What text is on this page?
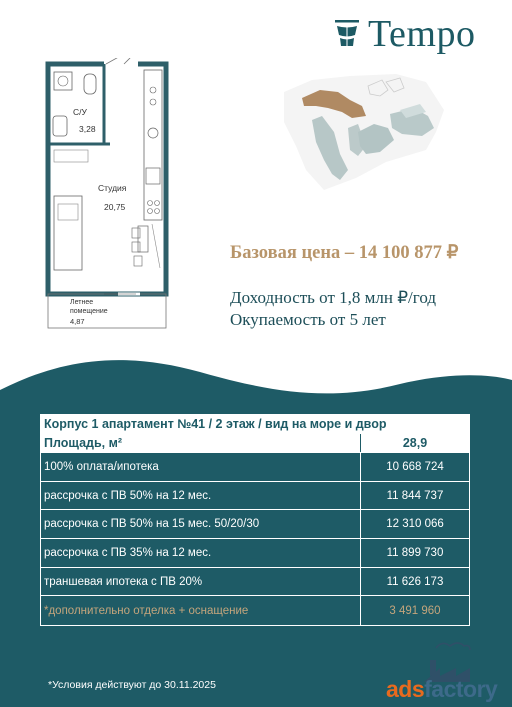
Tempo
С/У
3,28
Студия
20,75
Летнее помещение
4,87
Базовая цена – 14 100 877 ₽
Доходность от 1,8 млн ₽/год
Окупаемость от 5 лет
Корпус 1 апартамент №41 / 2 этаж / вид на море и двор
Площадь, м²	28,9
100% оплата/ипотека	10 668 724
рассрочка с ПВ 50% на 12 мес.	11 844 737
рассрочка с ПВ 50% на 15 мес. 50/20/30	12 310 066
рассрочка с ПВ 35% на 12 мес.	11 899 730
траншевая ипотека с ПВ 20%	11 626 173
*дополнительно отделка + оснащение	3 491 960
*Условия действуют до 30.11.2025	adsfactory
